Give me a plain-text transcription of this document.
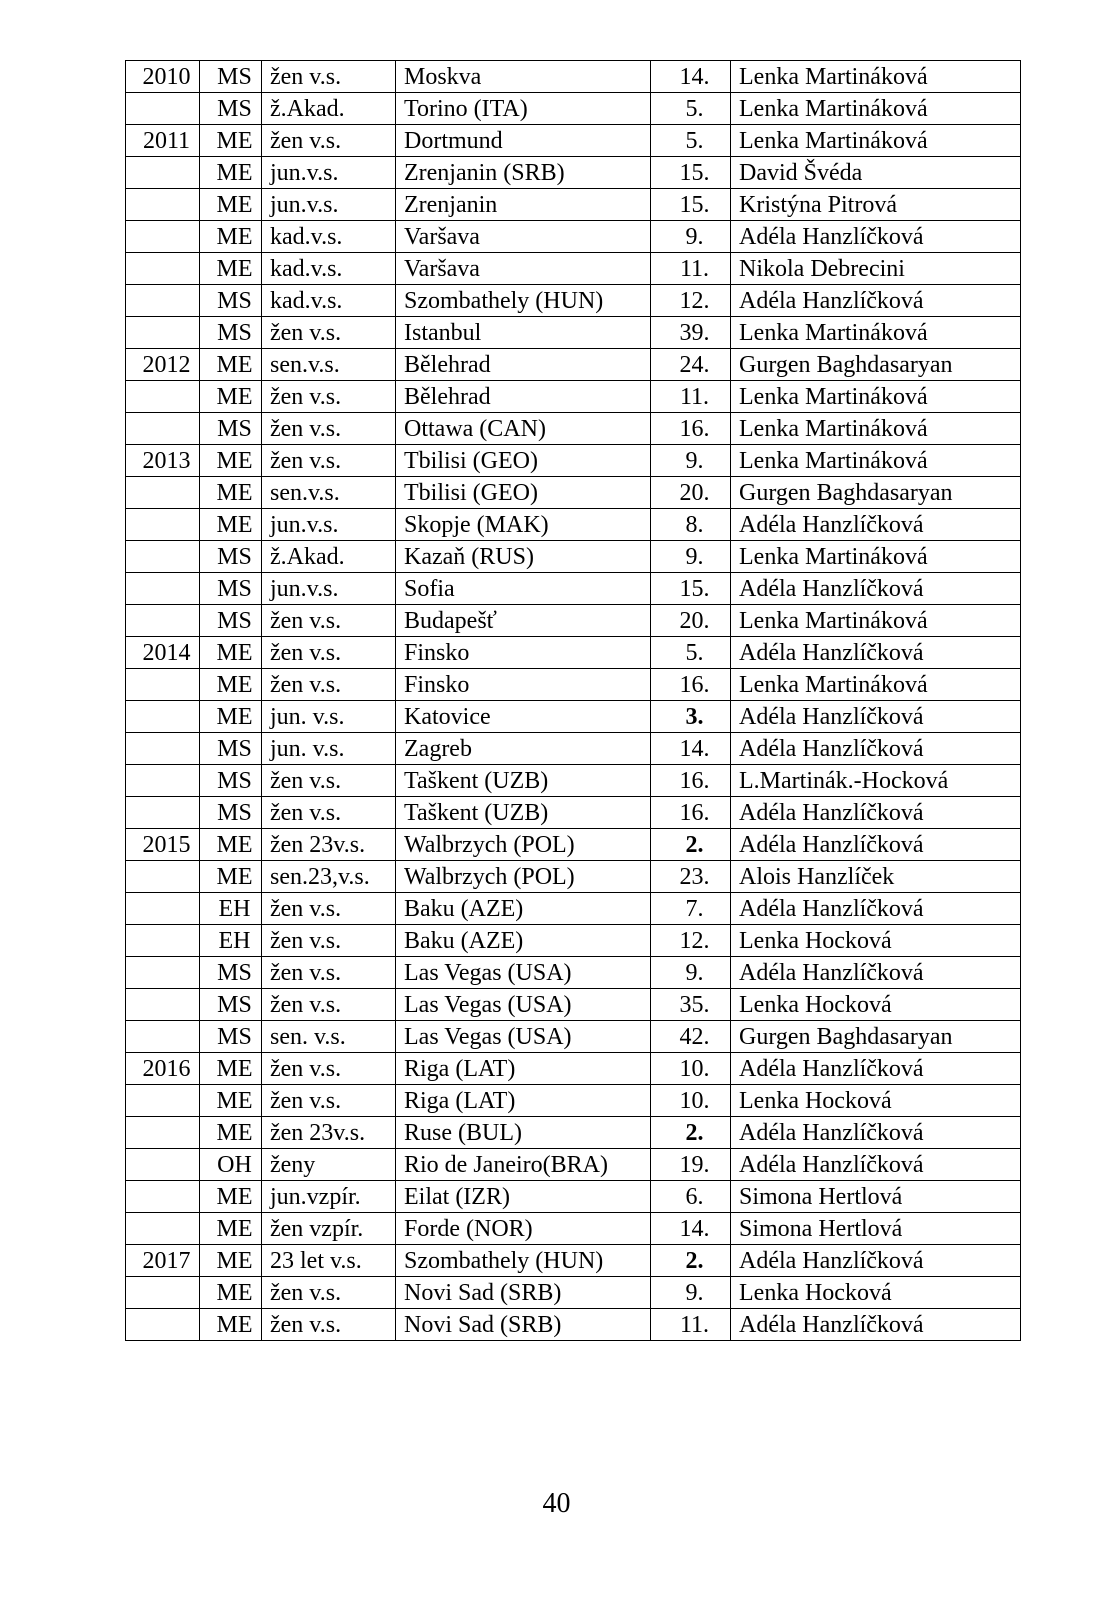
2010	MS	žen v.s.	Moskva	14.	Lenka Martináková
	MS	ž.Akad.	Torino (ITA)	5.	Lenka Martináková
2011	ME	žen v.s.	Dortmund	5.	Lenka Martináková
	ME	jun.v.s.	Zrenjanin (SRB)	15.	David Švéda
	ME	jun.v.s.	Zrenjanin	15.	Kristýna Pitrová
	ME	kad.v.s.	Varšava	9.	Adéla Hanzlíčková
	ME	kad.v.s.	Varšava	11.	Nikola Debrecini
	MS	kad.v.s.	Szombathely (HUN)	12.	Adéla Hanzlíčková
	MS	žen v.s.	Istanbul	39.	Lenka Martináková
2012	ME	sen.v.s.	Bělehrad	24.	Gurgen Baghdasaryan
	ME	žen v.s.	Bělehrad	11.	Lenka Martináková
	MS	žen v.s.	Ottawa (CAN)	16.	Lenka Martináková
2013	ME	žen v.s.	Tbilisi (GEO)	9.	Lenka Martináková
	ME	sen.v.s.	Tbilisi (GEO)	20.	Gurgen Baghdasaryan
	ME	jun.v.s.	Skopje (MAK)	8.	Adéla Hanzlíčková
	MS	ž.Akad.	Kazaň (RUS)	9.	Lenka Martináková
	MS	jun.v.s.	Sofia	15.	Adéla Hanzlíčková
	MS	žen v.s.	Budapešť	20.	Lenka Martináková
2014	ME	žen v.s.	Finsko	5.	Adéla Hanzlíčková
	ME	žen v.s.	Finsko	16.	Lenka Martináková
	ME	jun. v.s.	Katovice	3.	Adéla Hanzlíčková
	MS	jun. v.s.	Zagreb	14.	Adéla Hanzlíčková
	MS	žen v.s.	Taškent (UZB)	16.	L.Martinák.-Hocková
	MS	žen v.s.	Taškent (UZB)	16.	Adéla Hanzlíčková
2015	ME	žen 23v.s.	Walbrzych (POL)	2.	Adéla Hanzlíčková
	ME	sen.23,v.s.	Walbrzych (POL)	23.	Alois Hanzlíček
	EH	žen v.s.	Baku (AZE)	7.	Adéla Hanzlíčková
	EH	žen v.s.	Baku (AZE)	12.	Lenka Hocková
	MS	žen v.s.	Las Vegas (USA)	9.	Adéla Hanzlíčková
	MS	žen v.s.	Las Vegas (USA)	35.	Lenka Hocková
	MS	sen. v.s.	Las Vegas (USA)	42.	Gurgen Baghdasaryan
2016	ME	žen v.s.	Riga (LAT)	10.	Adéla Hanzlíčková
	ME	žen v.s.	Riga (LAT)	10.	Lenka Hocková
	ME	žen 23v.s.	Ruse (BUL)	2.	Adéla Hanzlíčková
	OH	ženy	Rio de Janeiro(BRA)	19.	Adéla Hanzlíčková
	ME	jun.vzpír.	Eilat (IZR)	6.	Simona Hertlová
	ME	žen vzpír.	Forde (NOR)	14.	Simona Hertlová
2017	ME	23 let v.s.	Szombathely (HUN)	2.	Adéla Hanzlíčková
	ME	žen v.s.	Novi Sad (SRB)	9.	Lenka Hocková
	ME	žen v.s.	Novi Sad (SRB)	11.	Adéla Hanzlíčková
40
